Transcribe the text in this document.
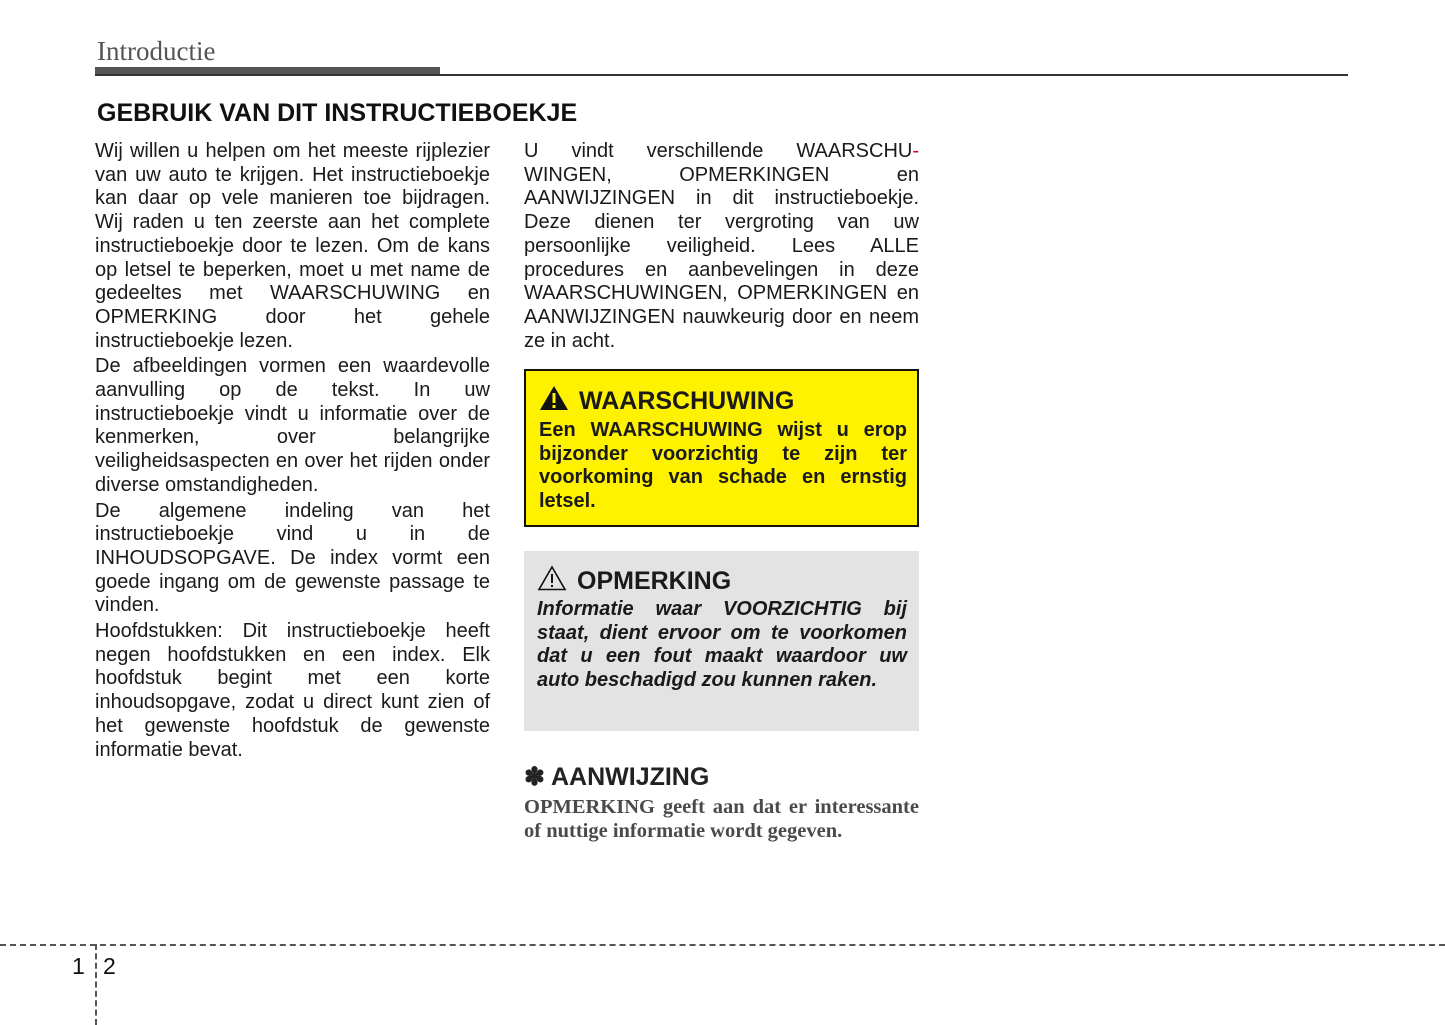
Introductie
GEBRUIK VAN DIT INSTRUCTIEBOEKJE

Wij willen u helpen om het meeste rijplezier van uw auto te krijgen. Het instructieboekje kan daar op vele manieren toe bijdragen. Wij raden u ten zeerste aan het complete instructieboekje door te lezen. Om de kans op letsel te beperken, moet u met name de gedeeltes met WAARSCHUWING en OPMERKING door het gehele instructieboekje lezen.

De afbeeldingen vormen een waardevolle aanvulling op de tekst. In uw instructieboekje vindt u informatie over de kenmerken, over belangrijke veiligheidsaspecten en over het rijden onder diverse omstandigheden.

De algemene indeling van het instructieboekje vind u in de INHOUDSOPGAVE. De index vormt een goede ingang om de gewenste passage te vinden.

Hoofdstukken: Dit instructieboekje heeft negen hoofdstukken en een index. Elk hoofdstuk begint met een korte inhoudsopgave, zodat u direct kunt zien of het gewenste hoofdstuk de gewenste informatie bevat.

U vindt verschillende WAARSCHU-WINGEN, OPMERKINGEN en AANWIJZINGEN in dit instructieboekje. Deze dienen ter vergroting van uw persoonlijke veiligheid. Lees ALLE procedures en aanbevelingen in deze WAARSCHUWINGEN, OPMERKINGEN en AANWIJZINGEN nauwkeurig door en neem ze in acht.

WAARSCHUWING
Een WAARSCHUWING wijst u erop bijzonder voorzichtig te zijn ter voorkoming van schade en ernstig letsel.
OPMERKING
Informatie waar VOORZICHTIG bij staat, dient ervoor om te voorkomen dat u een fout maakt waardoor uw auto beschadigd zou kunnen raken.
✽ AANWIJZING
OPMERKING geeft aan dat er interessante of nuttige informatie wordt gegeven.
1 2
